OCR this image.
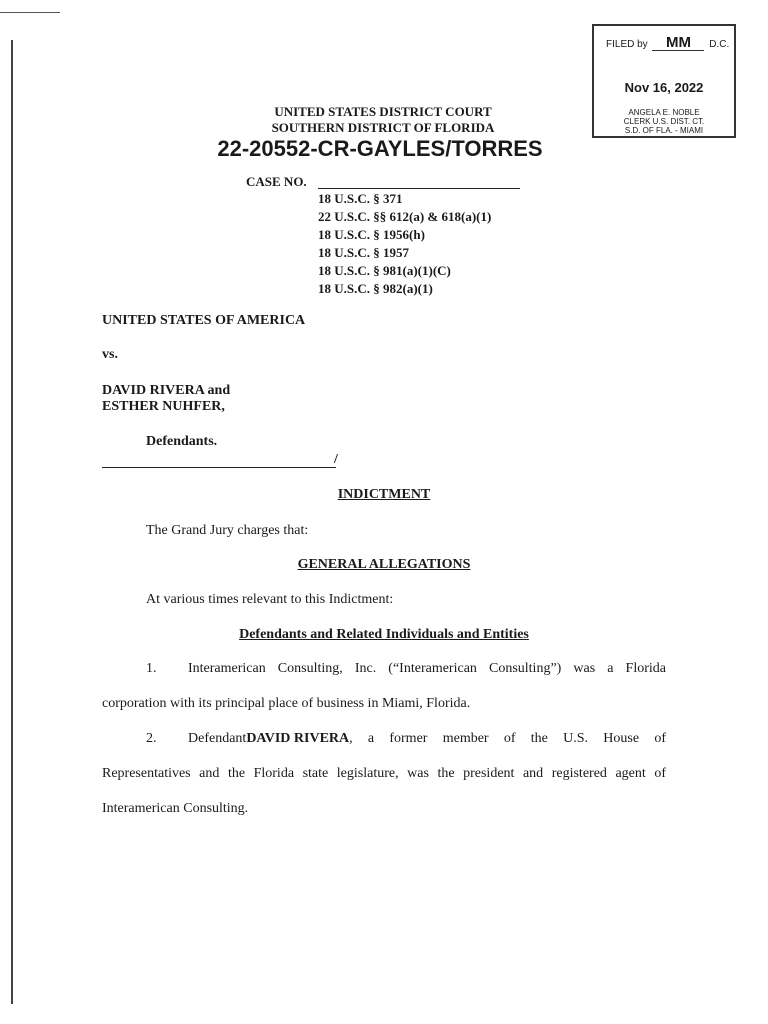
FILED by MM D.C.
Nov 16, 2022
ANGELA E. NOBLE
CLERK U.S. DIST. CT.
S.D. OF FLA. - MIAMI
UNITED STATES DISTRICT COURT
SOUTHERN DISTRICT OF FLORIDA
22-20552-CR-GAYLES/TORRES
CASE NO.
18 U.S.C. § 371
22 U.S.C. §§ 612(a) & 618(a)(1)
18 U.S.C. § 1956(h)
18 U.S.C. § 1957
18 U.S.C. § 981(a)(1)(C)
18 U.S.C. § 982(a)(1)
UNITED STATES OF AMERICA
vs.
DAVID RIVERA and
ESTHER NUHFER,
Defendants.
/
INDICTMENT
The Grand Jury charges that:
GENERAL ALLEGATIONS
At various times relevant to this Indictment:
Defendants and Related Individuals and Entities
1. Interamerican Consulting, Inc. (“Interamerican Consulting”) was a Florida
corporation with its principal place of business in Miami, Florida.
2. Defendant DAVID RIVERA , a former member of the U.S. House of
Representatives and the Florida state legislature, was the president and registered agent of
Interamerican Consulting.
